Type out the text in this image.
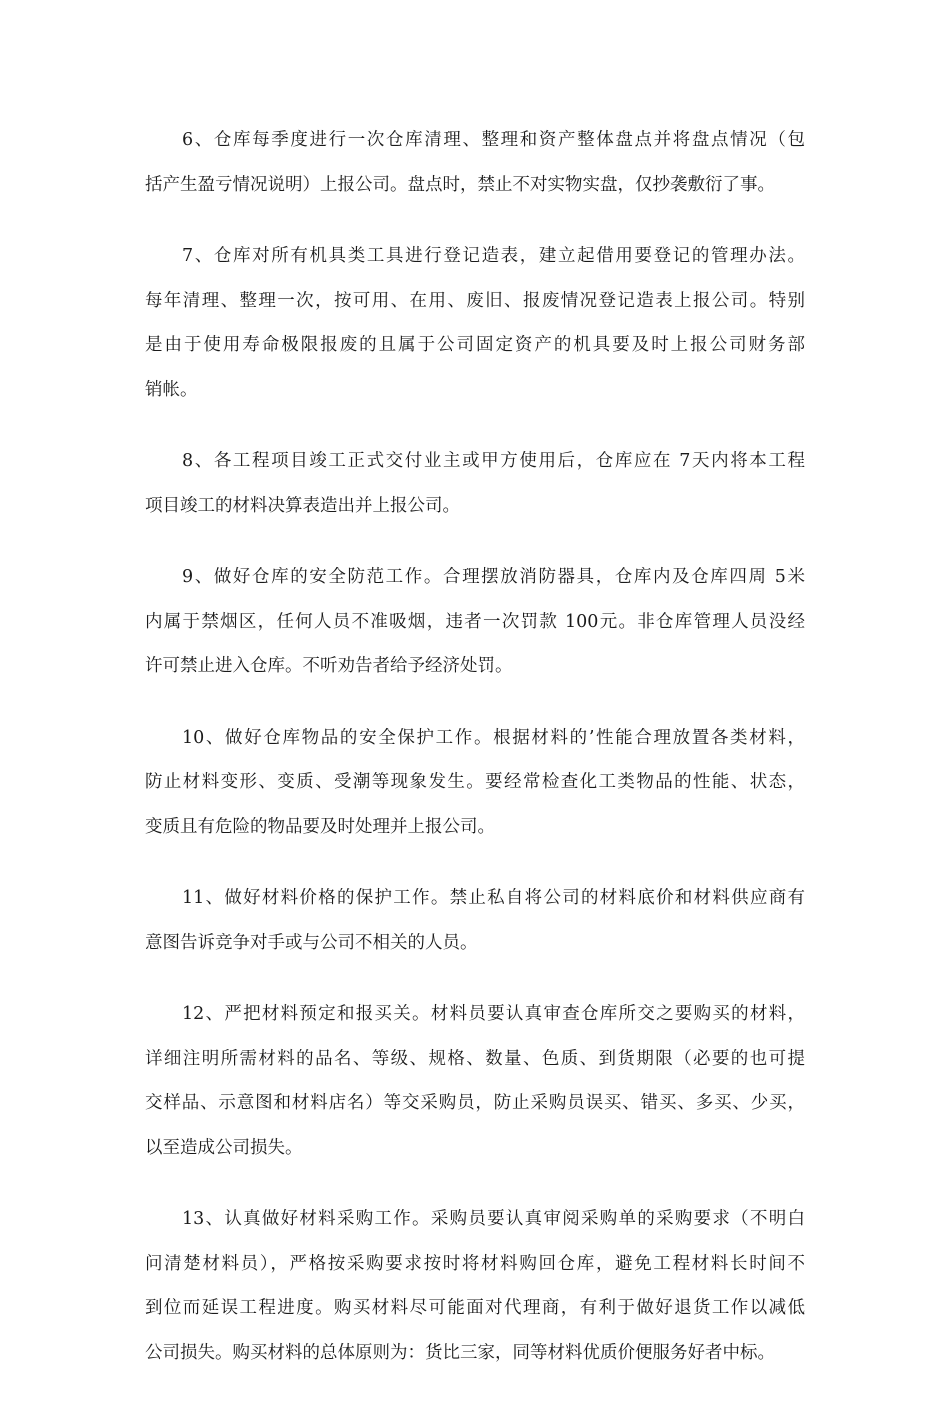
6、仓库每季度进行一次仓库清理、整理和资产整体盘点并将盘点情况（包
括产生盈亏情况说明）上报公司。盘点时，禁止不对实物实盘，仅抄袭敷衍了事。
7、仓库对所有机具类工具进行登记造表，建立起借用要登记的管理办法。
每年清理、整理一次，按可用、在用、废旧、报废情况登记造表上报公司。特别
是由于使用寿命极限报废的且属于公司固定资产的机具要及时上报公司财务部
销帐。
8、各工程项目竣工正式交付业主或甲方使用后，仓库应在 7天内将本工程
项目竣工的材料决算表造出并上报公司。
9、做好仓库的安全防范工作。合理摆放消防器具，仓库内及仓库四周 5米
内属于禁烟区，任何人员不准吸烟，违者一次罚款 100元。非仓库管理人员没经
许可禁止进入仓库。不听劝告者给予经济处罚。
10、做好仓库物品的安全保护工作。根据材料的’性能合理放置各类材料，
防止材料变形、变质、受潮等现象发生。要经常检查化工类物品的性能、状态，
变质且有危险的物品要及时处理并上报公司。
11、做好材料价格的保护工作。禁止私自将公司的材料底价和材料供应商有
意图告诉竞争对手或与公司不相关的人员。
12、严把材料预定和报买关。材料员要认真审查仓库所交之要购买的材料，
详细注明所需材料的品名、等级、规格、数量、色质、到货期限（必要的也可提
交样品、示意图和材料店名）等交采购员，防止采购员误买、错买、多买、少买，
以至造成公司损失。
13、认真做好材料采购工作。采购员要认真审阅采购单的采购要求（不明白
问清楚材料员），严格按采购要求按时将材料购回仓库，避免工程材料长时间不
到位而延误工程进度。购买材料尽可能面对代理商，有利于做好退货工作以减低
公司损失。购买材料的总体原则为：货比三家，同等材料优质价便服务好者中标。
